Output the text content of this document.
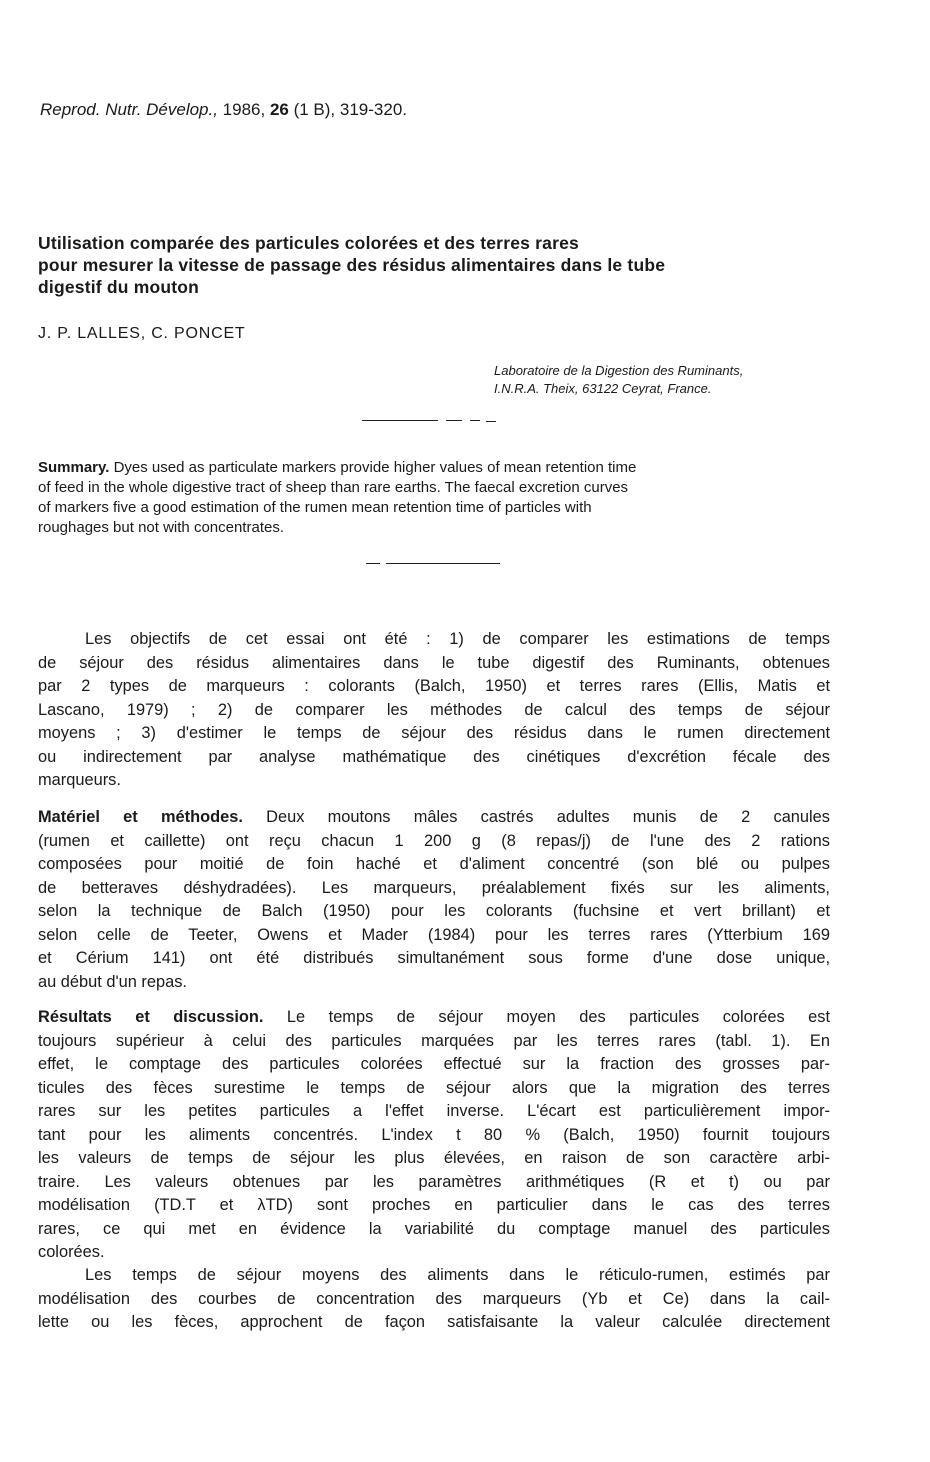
Reprod. Nutr. Dévelop., 1986, 26 (1 B), 319-320.
Utilisation comparée des particules colorées et des terres rares
pour mesurer la vitesse de passage des résidus alimentaires dans le tube
digestif du mouton
J. P. LALLES, C. PONCET
Laboratoire de la Digestion des Ruminants,
I.N.R.A. Theix, 63122 Ceyrat, France.
Summary. Dyes used as particulate markers provide higher values of mean retention time
of feed in the whole digestive tract of sheep than rare earths. The faecal excretion curves
of markers five a good estimation of the rumen mean retention time of particles with
roughages but not with concentrates.
Les objectifs de cet essai ont été : 1) de comparer les estimations de temps
de séjour des résidus alimentaires dans le tube digestif des Ruminants, obtenues
par 2 types de marqueurs : colorants (Balch, 1950) et terres rares (Ellis, Matis et
Lascano, 1979) ; 2) de comparer les méthodes de calcul des temps de séjour
moyens ; 3) d'estimer le temps de séjour des résidus dans le rumen directement
ou indirectement par analyse mathématique des cinétiques d'excrétion fécale des
marqueurs.
Matériel et méthodes. Deux moutons mâles castrés adultes munis de 2 canules
(rumen et caillette) ont reçu chacun 1 200 g (8 repas/j) de l'une des 2 rations
composées pour moitié de foin haché et d'aliment concentré (son blé ou pulpes
de betteraves déshydradées). Les marqueurs, préalablement fixés sur les aliments,
selon la technique de Balch (1950) pour les colorants (fuchsine et vert brillant) et
selon celle de Teeter, Owens et Mader (1984) pour les terres rares (Ytterbium 169
et Cérium 141) ont été distribués simultanément sous forme d'une dose unique,
au début d'un repas.
Résultats et discussion. Le temps de séjour moyen des particules colorées est
toujours supérieur à celui des particules marquées par les terres rares (tabl. 1). En
effet, le comptage des particules colorées effectué sur la fraction des grosses par-
ticules des fèces surestime le temps de séjour alors que la migration des terres
rares sur les petites particules a l'effet inverse. L'écart est particulièrement impor-
tant pour les aliments concentrés. L'index t 80 % (Balch, 1950) fournit toujours
les valeurs de temps de séjour les plus élevées, en raison de son caractère arbi-
traire. Les valeurs obtenues par les paramètres arithmétiques (R et t) ou par
modélisation (TD.T et λTD) sont proches en particulier dans le cas des terres
rares, ce qui met en évidence la variabilité du comptage manuel des particules
colorées.
Les temps de séjour moyens des aliments dans le réticulo-rumen, estimés par
modélisation des courbes de concentration des marqueurs (Yb et Ce) dans la cail-
lette ou les fèces, approchent de façon satisfaisante la valeur calculée directement
